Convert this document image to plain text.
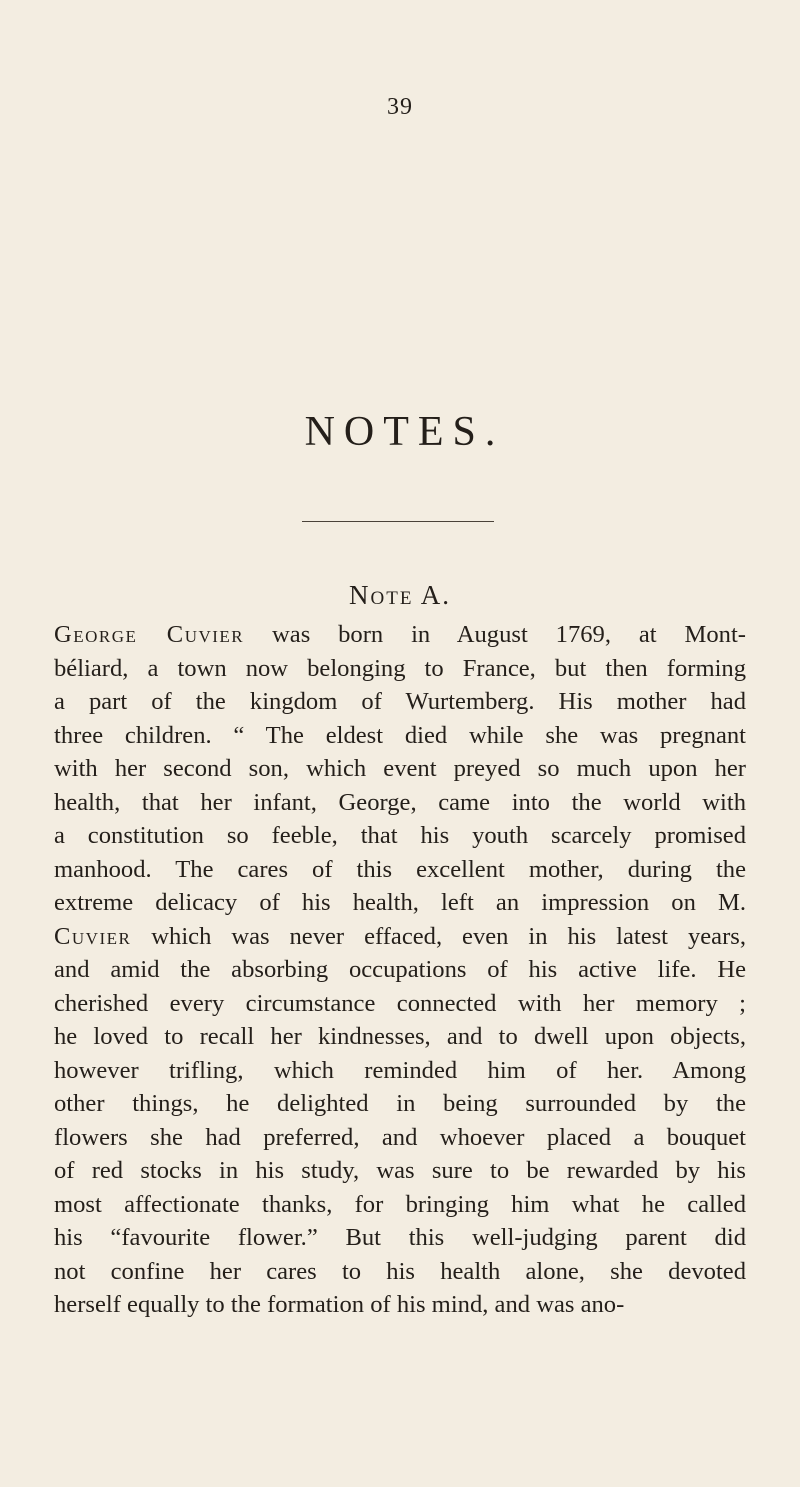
39
NOTES.
Note A.
George Cuvier was born in August 1769, at Mont-
béliard, a town now belonging to France, but then forming
a part of the kingdom of Wurtemberg. His mother had
three children. “ The eldest died while she was pregnant
with her second son, which event preyed so much upon her
health, that her infant, George, came into the world with
a constitution so feeble, that his youth scarcely promised
manhood. The cares of this excellent mother, during the
extreme delicacy of his health, left an impression on M.
Cuvier which was never effaced, even in his latest years,
and amid the absorbing occupations of his active life. He
cherished every circumstance connected with her memory ;
he loved to recall her kindnesses, and to dwell upon objects,
however trifling, which reminded him of her. Among
other things, he delighted in being surrounded by the
flowers she had preferred, and whoever placed a bouquet
of red stocks in his study, was sure to be rewarded by his
most affectionate thanks, for bringing him what he called
his “favourite flower.” But this well-judging parent did
not confine her cares to his health alone, she devoted
herself equally to the formation of his mind, and was ano-
